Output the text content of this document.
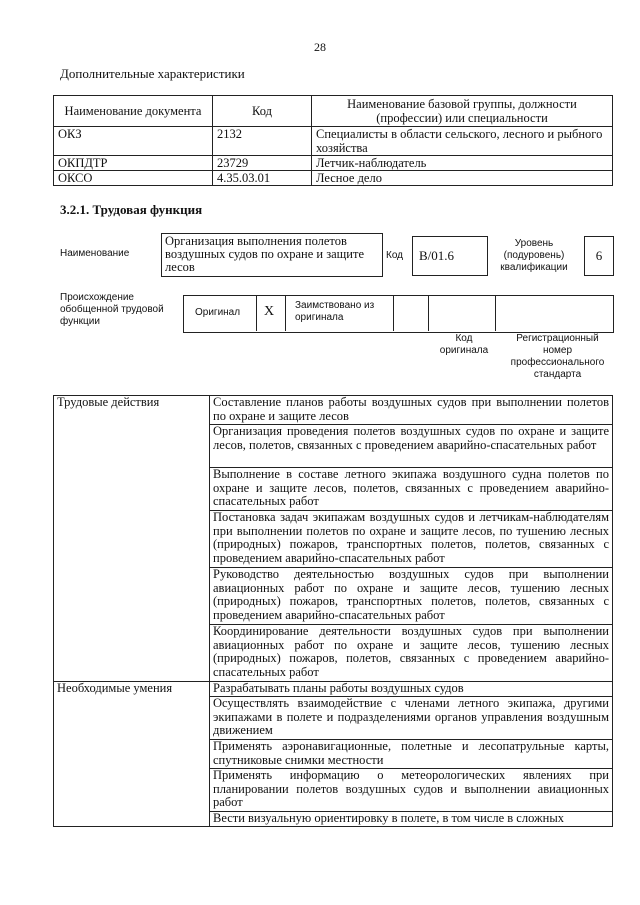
28
Дополнительные характеристики
Наименование документа	Код	Наименование базовой группы, должности (профессии) или специальности
ОКЗ	2132	Специалисты в области сельского, лесного и рыбного хозяйства
ОКПДТР	23729	Летчик-наблюдатель
ОКСО	4.35.03.01	Лесное дело
3.2.1. Трудовая функция
Наименование
Организация выполнения полетов воздушных судов по охране и защите лесов
Код	B/01.6
Уровень (подуровень) квалификации
6
Происхождение обобщенной трудовой функции
Оригинал X Заимствовано из оригинала
Код оригинала
Регистрационный номер профессионального стандарта
Трудовые действия	Составление планов работы воздушных судов при выполнении полетов по охране и защите лесов
	Организация проведения полетов воздушных судов по охране и защите лесов, полетов, связанных с проведением аварийно-спасательных работ
	Выполнение в составе летного экипажа воздушного судна полетов по охране и защите лесов, полетов, связанных с проведением аварийно-спасательных работ
	Постановка задач экипажам воздушных судов и летчикам-наблюдателям при выполнении полетов по охране и защите лесов, по тушению лесных (природных) пожаров, транспортных полетов, полетов, связанных с проведением аварийно-спасательных работ
	Руководство деятельностью воздушных судов при выполнении авиационных работ по охране и защите лесов, тушению лесных (природных) пожаров, транспортных полетов, полетов, связанных с проведением аварийно-спасательных работ
	Координирование деятельности воздушных судов при выполнении авиационных работ по охране и защите лесов, тушению лесных (природных) пожаров, полетов, связанных с проведением аварийно-спасательных работ
Необходимые умения	Разрабатывать планы работы воздушных судов
	Осуществлять взаимодействие с членами летного экипажа, другими экипажами в полете и подразделениями органов управления воздушным движением
	Применять аэронавигационные, полетные и лесопатрульные карты, спутниковые снимки местности
	Применять информацию о метеорологических явлениях при планировании полетов воздушных судов и выполнении авиационных работ
	Вести визуальную ориентировку в полете, в том числе в сложных
